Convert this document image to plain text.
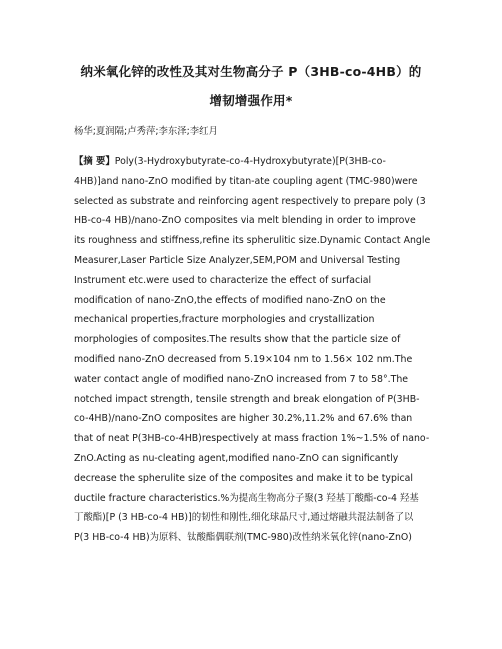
纳米氧化锌的改性及其对生物高分子 P（3HB-co-4HB）的
增韧增强作用*
杨华;夏润隔;卢秀萍;李东泽;李红月
【摘 要】Poly(3-Hydroxybutyrate-co-4-Hydroxybutyrate)[P(3HB-co-
4HB)]and nano-ZnO modified by titan-ate coupling agent (TMC-980)were
selected as substrate and reinforcing agent respectively to prepare poly (3
HB-co-4 HB)/nano-ZnO composites via melt blending in order to improve
its roughness and stiffness,refine its spherulitic size.Dynamic Contact Angle
Measurer,Laser Particle Size Analyzer,SEM,POM and Universal Testing
Instrument etc.were used to characterize the effect of surfacial
modification of nano-ZnO,the effects of modified nano-ZnO on the
mechanical properties,fracture morphologies and crystallization
morphologies of composites.The results show that the particle size of
modified nano-ZnO decreased from 5.19×104 nm to 1.56× 102 nm.The
water contact angle of modified nano-ZnO increased from 7 to 58°.The
notched impact strength, tensile strength and break elongation of P(3HB-
co-4HB)/nano-ZnO composites are higher 30.2%,11.2% and 67.6% than
that of neat P(3HB-co-4HB)respectively at mass fraction 1%~1.5% of nano-
ZnO.Acting as nu-cleating agent,modified nano-ZnO can significantly
decrease the spherulite size of the composites and make it to be typical
ductile fracture characteristics.%为提高生物高分子聚(3 羟基丁酸酯-co-4 羟基
丁酸酯)[P (3 HB-co-4 HB)]的韧性和刚性,细化球晶尺寸,通过熔融共混法制备了以
P(3 HB-co-4 HB)为原料、钛酸酯偶联剂(TMC-980)改性纳米氧化锌(nano-ZnO)
